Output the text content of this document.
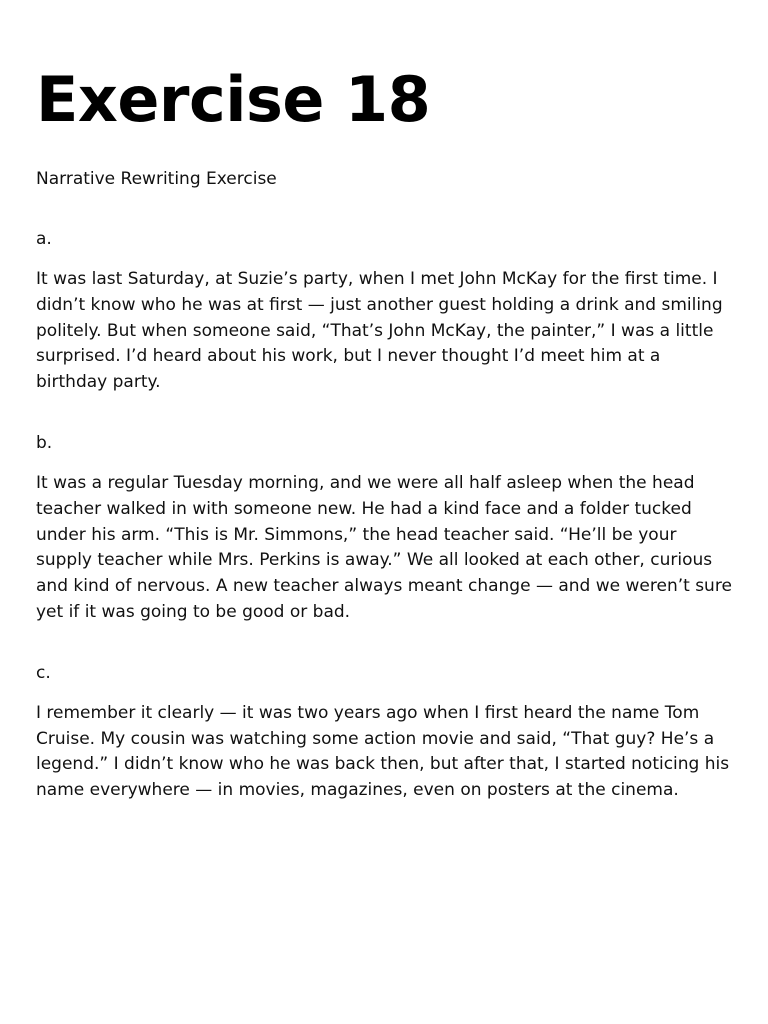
Exercise 18

Narrative Rewriting Exercise

a.

It was last Saturday, at Suzie’s party, when I met John McKay for the first time. I didn’t know who he was at first — just another guest holding a drink and smiling politely. But when someone said, “That’s John McKay, the painter,” I was a little surprised. I’d heard about his work, but I never thought I’d meet him at a birthday party.

b.

It was a regular Tuesday morning, and we were all half asleep when the head teacher walked in with someone new. He had a kind face and a folder tucked under his arm. “This is Mr. Simmons,” the head teacher said. “He’ll be your supply teacher while Mrs. Perkins is away.” We all looked at each other, curious and kind of nervous. A new teacher always meant change — and we weren’t sure yet if it was going to be good or bad.

c.

I remember it clearly — it was two years ago when I first heard the name Tom Cruise. My cousin was watching some action movie and said, “That guy? He’s a legend.” I didn’t know who he was back then, but after that, I started noticing his name everywhere — in movies, magazines, even on posters at the cinema.
